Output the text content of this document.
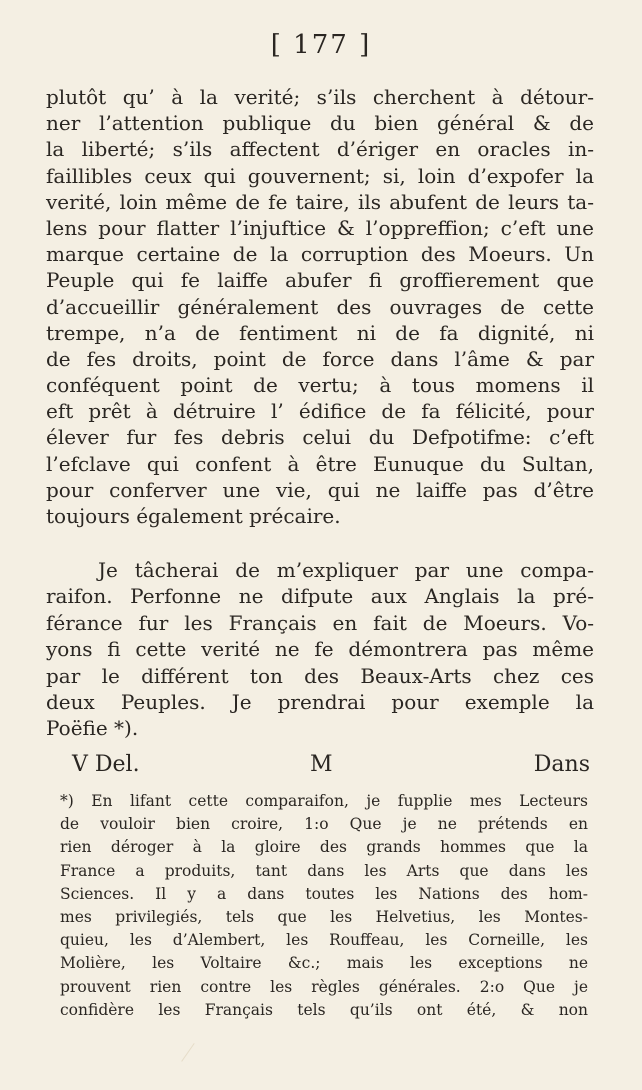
[ 177 ]
plutôt qu’ à la verité; s’ils cherchent à détour-
ner l’attention publique du bien général & de
la liberté; s’ils affectent d’ériger en oracles in-
faillibles ceux qui gouvernent; si, loin d’expofer la
verité, loin même de fe taire, ils abufent de leurs ta-
lens pour flatter l’injuftice & l’oppreffion; c’eft une
marque certaine de la corruption des Moeurs. Un
Peuple qui fe laiffe abufer fi groffierement que
d’accueillir généralement des ouvrages de cette
trempe, n’a de fentiment ni de fa dignité, ni
de fes droits, point de force dans l’âme & par
conféquent point de vertu; à tous momens il
eft prêt à détruire l’ édifice de fa félicité, pour
élever fur fes debris celui du Defpotifme: c’eft
l’efclave qui confent à être Eunuque du Sultan,
pour conferver une vie, qui ne laiffe pas d’être
toujours également précaire.
Je tâcherai de m’expliquer par une compa-
raifon. Perfonne ne difpute aux Anglais la pré-
férance fur les Français en fait de Moeurs. Vo-
yons fi cette verité ne fe démontrera pas même
par le différent ton des Beaux-Arts chez ces
deux Peuples. Je prendrai pour exemple la
Poëfie *).
V Del.	M	Dans
*) En lifant cette comparaifon, je fupplie mes Lecteurs
de vouloir bien croire, 1:o Que je ne prétends en
rien déroger à la gloire des grands hommes que la
France a produits, tant dans les Arts que dans les
Sciences. Il y a dans toutes les Nations des hom-
mes privilegiés, tels que les Helvetius, les Montes-
quieu, les d’Alembert, les Rouffeau, les Corneille, les
Molière, les Voltaire &c.; mais les exceptions ne
prouvent rien contre les règles générales. 2:o Que je
confidère les Français tels qu’ils ont été, & non
